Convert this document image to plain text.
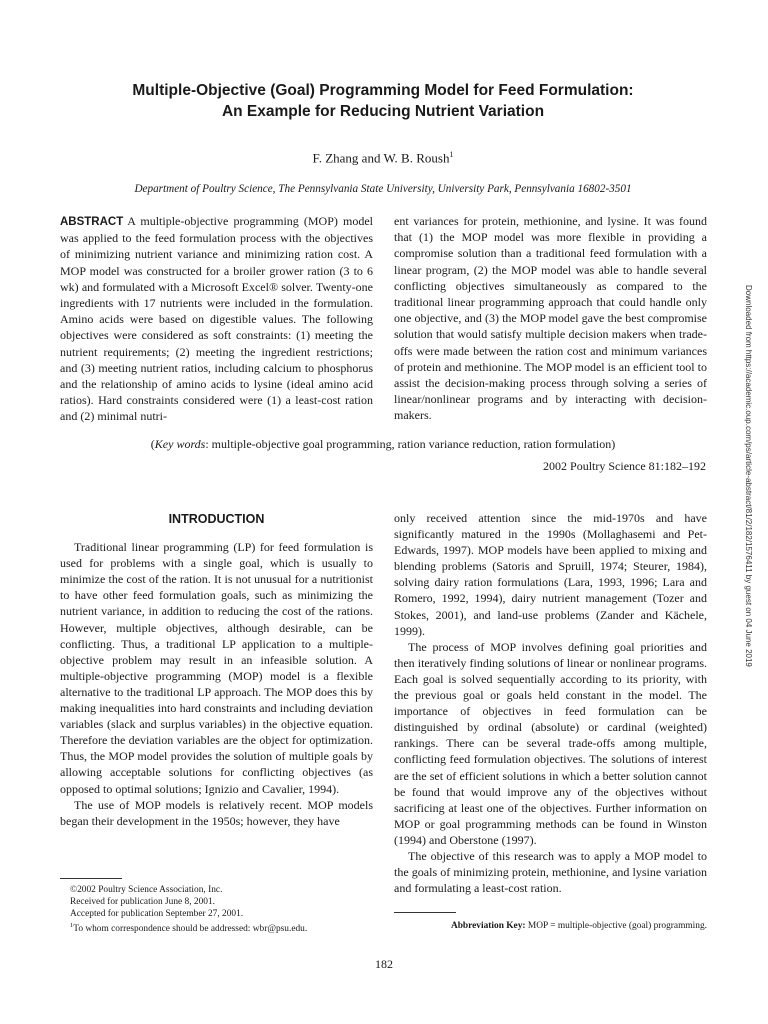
Multiple-Objective (Goal) Programming Model for Feed Formulation:
An Example for Reducing Nutrient Variation
F. Zhang and W. B. Roush$^1$
Department of Poultry Science, The Pennsylvania State University, University Park, Pennsylvania 16802-3501
ABSTRACT A multiple-objective programming (MOP) model was applied to the feed formulation process with the objectives of minimizing nutrient variance and minimizing ration cost. A MOP model was constructed for a broiler grower ration (3 to 6 wk) and formulated with a Microsoft Excel® solver. Twenty-one ingredients with 17 nutrients were included in the formulation. Amino acids were based on digestible values. The following objectives were considered as soft constraints: (1) meeting the nutrient requirements; (2) meeting the ingredient restrictions; and (3) meeting nutrient ratios, including calcium to phosphorus and the relationship of amino acids to lysine (ideal amino acid ratios). Hard constraints considered were (1) a least-cost ration and (2) minimal nutri-
ent variances for protein, methionine, and lysine. It was found that (1) the MOP model was more flexible in providing a compromise solution than a traditional feed formulation with a linear program, (2) the MOP model was able to handle several conflicting objectives simultaneously as compared to the traditional linear programming approach that could handle only one objective, and (3) the MOP model gave the best compromise solution that would satisfy multiple decision makers when trade-offs were made between the ration cost and minimum variances of protein and methionine. The MOP model is an efficient tool to assist the decision-making process through solving a series of linear/nonlinear programs and by interacting with decision-makers.
(Key words: multiple-objective goal programming, ration variance reduction, ration formulation)
2002 Poultry Science 81:182–192
INTRODUCTION

Traditional linear programming (LP) for feed formulation is used for problems with a single goal, which is usually to minimize the cost of the ration. It is not unusual for a nutritionist to have other feed formulation goals, such as minimizing the nutrient variance, in addition to reducing the cost of the rations. However, multiple objectives, although desirable, can be conflicting. Thus, a traditional LP application to a multiple-objective problem may result in an infeasible solution. A multiple-objective programming (MOP) model is a flexible alternative to the traditional LP approach. The MOP does this by making inequalities into hard constraints and including deviation variables (slack and surplus variables) in the objective equation. Therefore the deviation variables are the object for optimization. Thus, the MOP model provides the solution of multiple goals by allowing acceptable solutions for conflicting objectives (as opposed to optimal solutions; Ignizio and Cavalier, 1994).

The use of MOP models is relatively recent. MOP models began their development in the 1950s; however, they have

only received attention since the mid-1970s and have significantly matured in the 1990s (Mollaghasemi and Pet-Edwards, 1997). MOP models have been applied to mixing and blending problems (Satoris and Spruill, 1974; Steurer, 1984), solving dairy ration formulations (Lara, 1993, 1996; Lara and Romero, 1992, 1994), dairy nutrient management (Tozer and Stokes, 2001), and land-use problems (Zander and Kächele, 1999).

The process of MOP involves defining goal priorities and then iteratively finding solutions of linear or nonlinear programs. Each goal is solved sequentially according to its priority, with the previous goal or goals held constant in the model. The importance of objectives in feed formulation can be distinguished by ordinal (absolute) or cardinal (weighted) rankings. There can be several trade-offs among multiple, conflicting feed formulation objectives. The solutions of interest are the set of efficient solutions in which a better solution cannot be found that would improve any of the objectives without sacrificing at least one of the objectives. Further information on MOP or goal programming methods can be found in Winston (1994) and Oberstone (1997).

The objective of this research was to apply a MOP model to the goals of minimizing protein, methionine, and lysine variation and formulating a least-cost ration.

©2002 Poultry Science Association, Inc.
Received for publication June 8, 2001.
Accepted for publication September 27, 2001.
$^1$To whom correspondence should be addressed: wbr@psu.edu.	Abbreviation Key: MOP = multiple-objective (goal) programming.
182
Downloaded from https://academic.oup.com/ps/article-abstract/81/2/182/1576411 by guest on 04 June 2019
